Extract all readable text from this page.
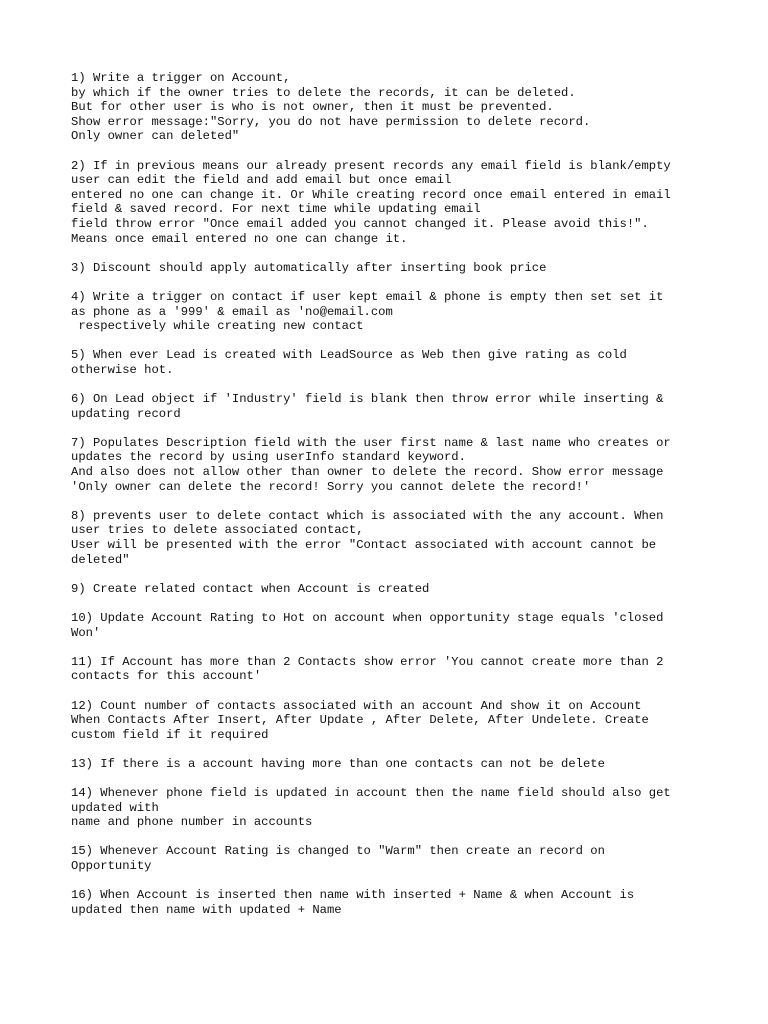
1) Write a trigger on Account,
by which if the owner tries to delete the records, it can be deleted.
But for other user is who is not owner, then it must be prevented.
Show error message:"Sorry, you do not have permission to delete record.
Only owner can deleted"
2) If in previous means our already present records any email field is blank/empty
user can edit the field and add email but once email
entered no one can change it. Or While creating record once email entered in email
field & saved record. For next time while updating email
field throw error "Once email added you cannot changed it. Please avoid this!".
Means once email entered no one can change it.
3) Discount should apply automatically after inserting book price
4) Write a trigger on contact if user kept email & phone is empty then set set it
as phone as a '999' & email as 'no@email.com
respectively while creating new contact
5) When ever Lead is created with LeadSource as Web then give rating as cold
otherwise hot.
6) On Lead object if 'Industry' field is blank then throw error while inserting &
updating record
7) Populates Description field with the user first name & last name who creates or
updates the record by using userInfo standard keyword.
And also does not allow other than owner to delete the record. Show error message
'Only owner can delete the record! Sorry you cannot delete the record!'
8) prevents user to delete contact which is associated with the any account. When
user tries to delete associated contact,
User will be presented with the error "Contact associated with account cannot be
deleted"
9) Create related contact when Account is created
10) Update Account Rating to Hot on account when opportunity stage equals 'closed
Won'
11) If Account has more than 2 Contacts show error 'You cannot create more than 2
contacts for this account'
12) Count number of contacts associated with an account And show it on Account
When Contacts After Insert, After Update , After Delete, After Undelete. Create
custom field if it required
13) If there is a account having more than one contacts can not be delete
14) Whenever phone field is updated in account then the name field should also get
updated with
name and phone number in accounts
15) Whenever Account Rating is changed to "Warm" then create an record on
Opportunity
16) When Account is inserted then name with inserted + Name & when Account is
updated then name with updated + Name
